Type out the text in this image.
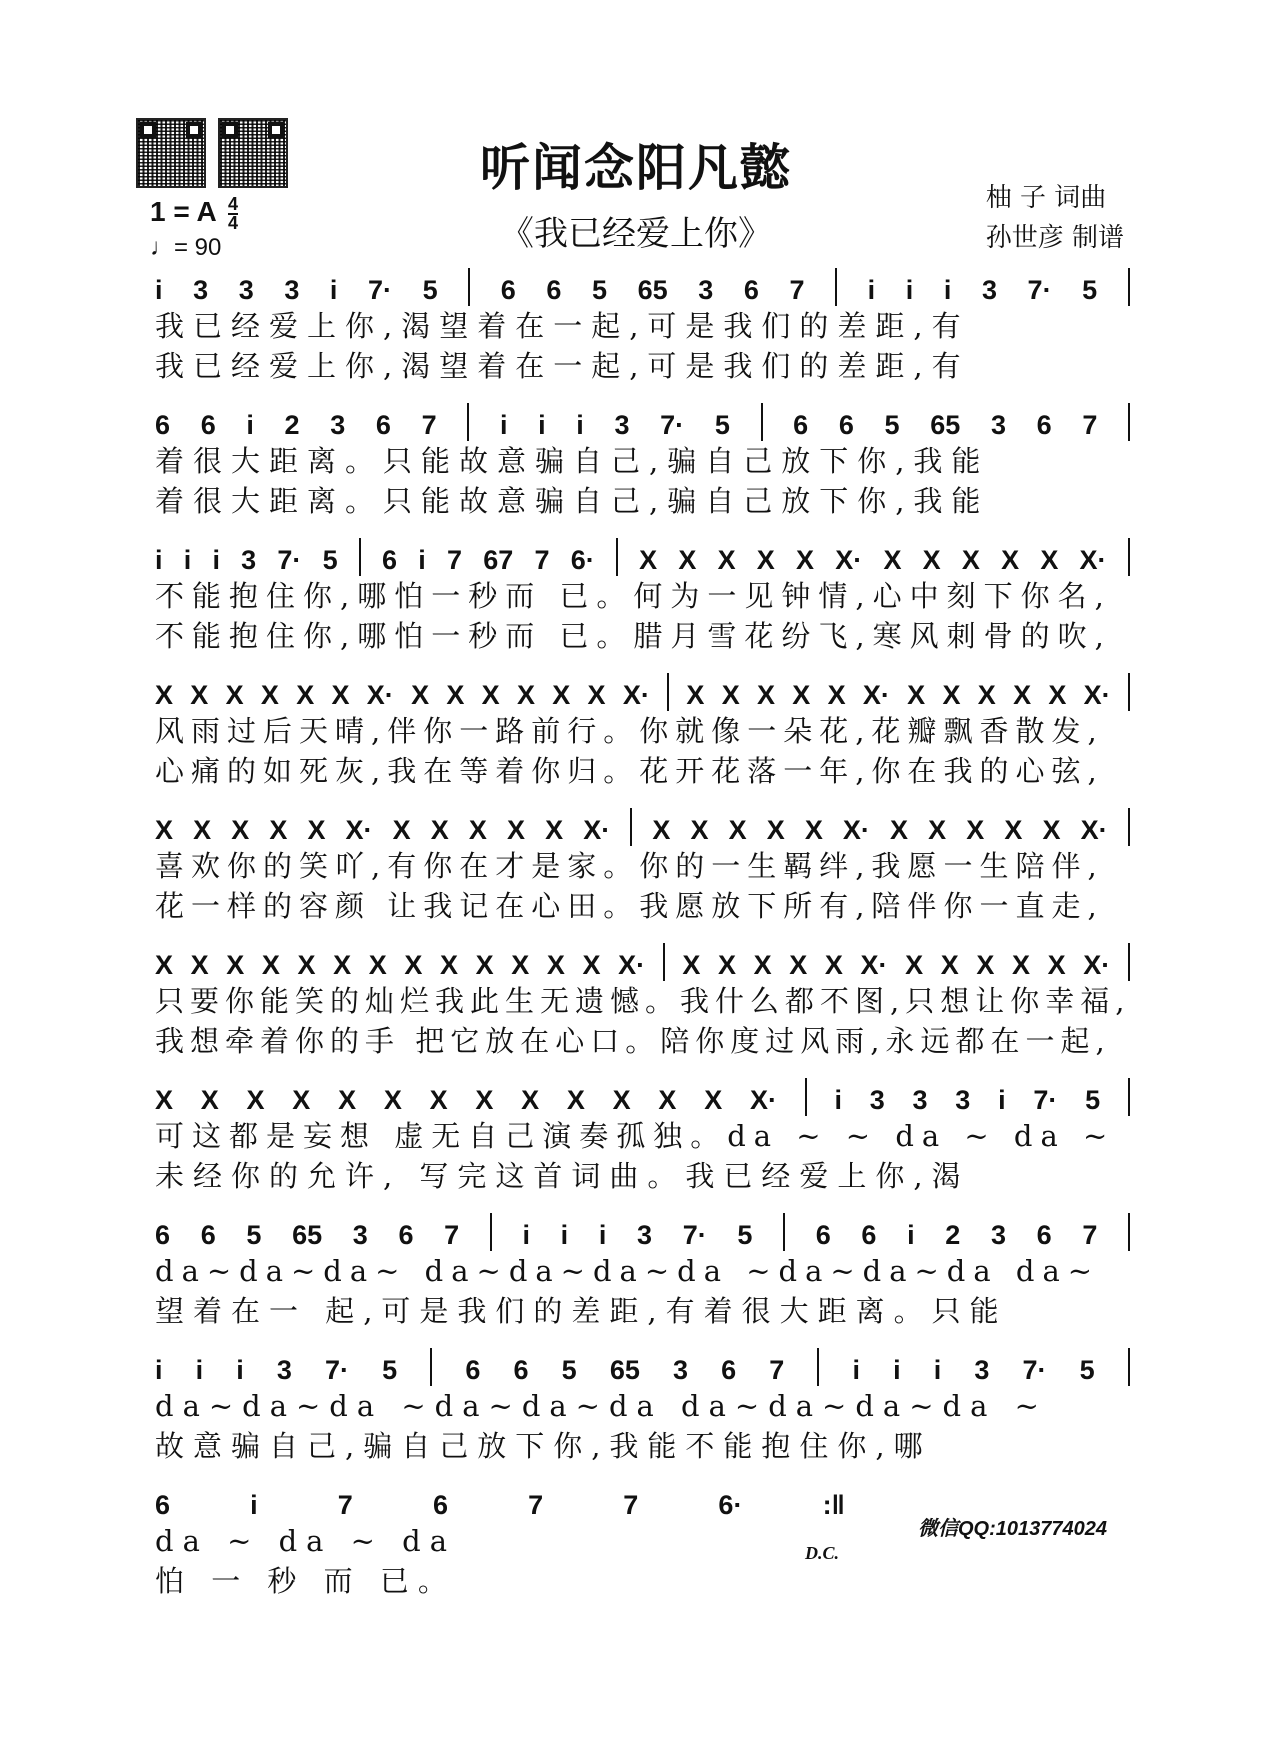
听闻念阳凡懿
《我已经爱上你》
柚 子 词曲
孙世彦 制谱
1 = A 4
4
♩= 90
i 3 3 3 i 7· 5 6 6 5 65 3 6 7 i i i 3 7· 5
我已经爱上你,渴望着在一起,可是我们的差距,有
我已经爱上你,渴望着在一起,可是我们的差距,有
6 6 i 2 3 6 7 i i i 3 7· 5 6 6 5 65 3 6 7
着很大距离。只能故意骗自己,骗自己放下你,我能
着很大距离。只能故意骗自己,骗自己放下你,我能
i i i 3 7· 5 6 i 7 67 7 6· X X X X X X· X X X X X X·
不能抱住你,哪怕一秒而 已。何为一见钟情,心中刻下你名,
不能抱住你,哪怕一秒而 已。腊月雪花纷飞,寒风刺骨的吹,
X X X X X X X· X X X X X X X· X X X X X X· X X X X X X·
风雨过后天晴,伴你一路前行。你就像一朵花,花瓣飘香散发,
心痛的如死灰,我在等着你归。花开花落一年,你在我的心弦,
X X X X X X· X X X X X X· X X X X X X· X X X X X X·
喜欢你的笑吖,有你在才是家。你的一生羁绊,我愿一生陪伴,
花一样的容颜 让我记在心田。我愿放下所有,陪伴你一直走,
X X X X X X X X X X X X X X· X X X X X X· X X X X X X·
只要你能笑的灿烂我此生无遗憾。我什么都不图,只想让你幸福,
我想牵着你的手 把它放在心口。陪你度过风雨,永远都在一起,
X X X X X X X X X X X X X X· i 3 3 3 i 7· 5
可这都是妄想 虚无自己演奏孤独。da ~ ~ da ~ da ~
未经你的允许, 写完这首词曲。我已经爱上你,渴
6 6 5 65 3 6 7 i i i 3 7· 5 6 6 i 2 3 6 7
da~da~da~ da~da~da~da ~da~da~da da~
望着在一 起,可是我们的差距,有着很大距离。只能
i i i 3 7· 5	6 6 5 65 3 6 7	i i i 3 7· 5
da~da~da ~da~da~da da~da~da~da ~
故意骗自己,骗自己放下你,我能不能抱住你,哪
6	i	7	6	7	7	6·	:‖
da ~ da ~ da
怕 一 秒 而 已。
微信QQ:1013774024
D.C.
